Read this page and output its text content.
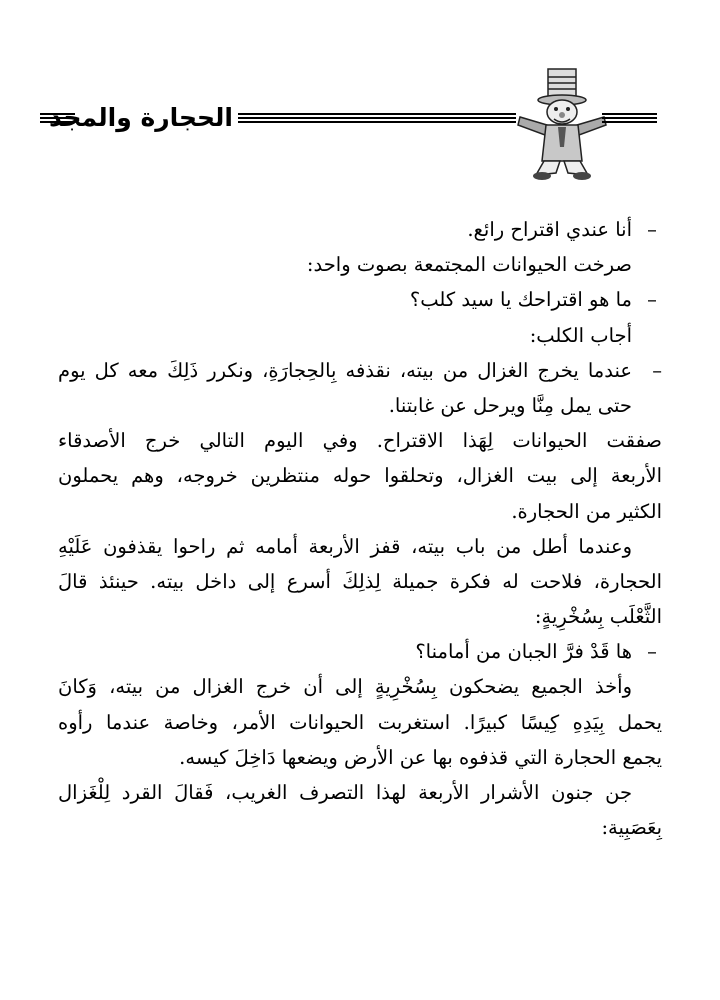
الحجارة والمجد
–
أنا عندي اقتراح رائع.
صرخت الحيوانات المجتمعة بصوت واحد:
–
ما هو اقتراحك يا سيد كلب؟
أجاب الكلب:
–
عندما يخرج الغزال من بيته، نقذفه بِالحِجارَةِ، ونكرر ذَلِكَ معه كل يوم
حتى يمل مِنَّا ويرحل عن غابتنا.
صفقت الحيوانات لِهَذا الاقتراح. وفي اليوم التالي خرج الأصدقاء
الأربعة إلى بيت الغزال، وتحلقوا حوله منتظرين خروجه، وهم يحملون
الكثير من الحجارة.
وعندما أطل من باب بيته، قفز الأربعة أمامه ثم راحوا يقذفون عَلَيْهِ
الحجارة، فلاحت له فكرة جميلة لِذلِكَ أسرع إلى داخل بيته. حينئذ قالَ
الثَّعْلَب بِسُخْرِيةٍ:
–
ها قَدْ فرَّ الجبان من أمامنا؟
وأخذ الجميع يضحكون بِسُخْرِيةٍ إلى أن خرج الغزال من بيته، وَكانَ
يحمل بِيَدِهِ كِيسًا كبيرًا. استغربت الحيوانات الأمر، وخاصة عندما رأوه
يجمع الحجارة التي قذفوه بها عن الأرض ويضعها دَاخِلَ كيسه.
جن جنون الأشرار الأربعة لهذا التصرف الغريب، فَقالَ القرد لِلْغَزال
بِعَصَبِية:
